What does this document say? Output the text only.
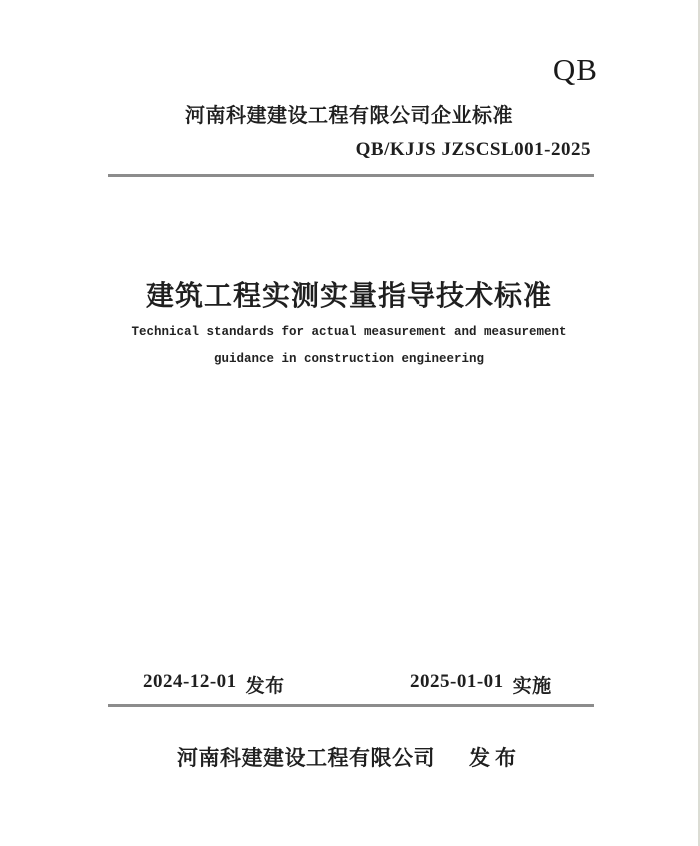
QB
河南科建建设工程有限公司企业标准
QB/KJJS JZSCSL001-2025
建筑工程实测实量指导技术标准
Technical standards for actual measurement and measurement
guidance in construction engineering
2024-12-01 发布	2025-01-01 实施
河南科建建设工程有限公司 发布
